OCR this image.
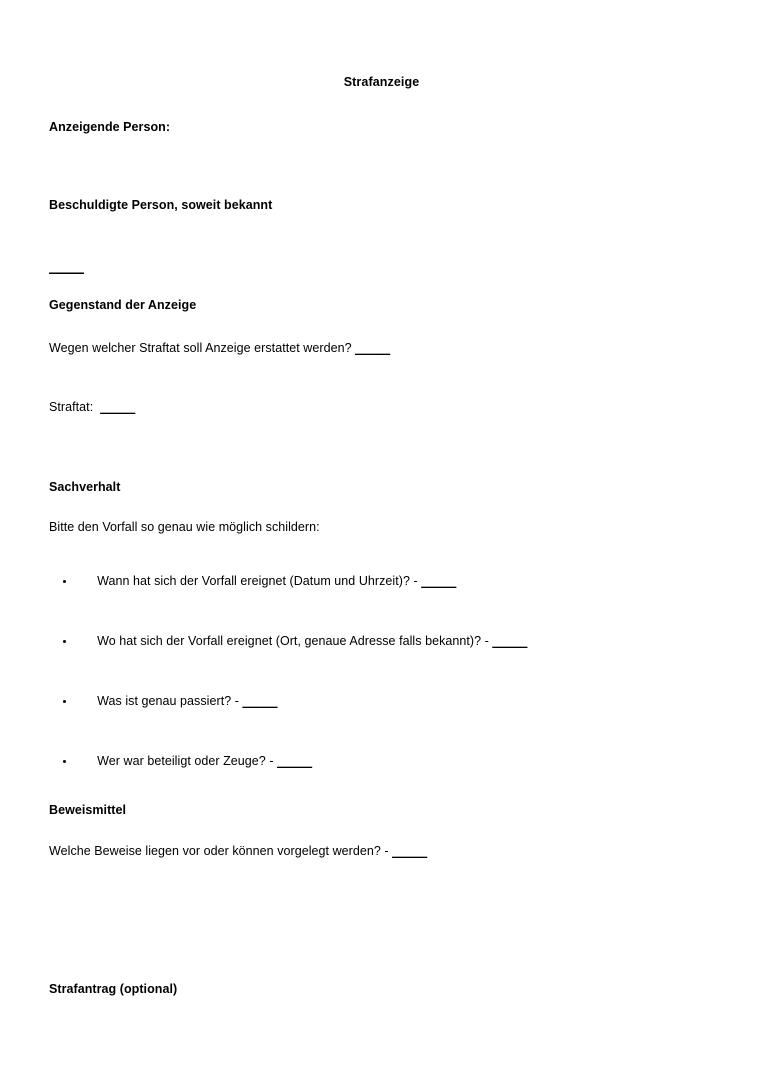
Strafanzeige
Anzeigende Person:
Beschuldigte Person, soweit bekannt
_____
Gegenstand der Anzeige
Wegen welcher Straftat soll Anzeige erstattet werden? _____
Straftat:  _____
Sachverhalt
Bitte den Vorfall so genau wie möglich schildern:

Wann hat sich der Vorfall ereignet (Datum und Uhrzeit)? - _____

Wo hat sich der Vorfall ereignet (Ort, genaue Adresse falls bekannt)? - _____

Was ist genau passiert? - _____

Wer war beteiligt oder Zeuge? - _____

Beweismittel
Welche Beweise liegen vor oder können vorgelegt werden? - _____
Strafantrag (optional)
